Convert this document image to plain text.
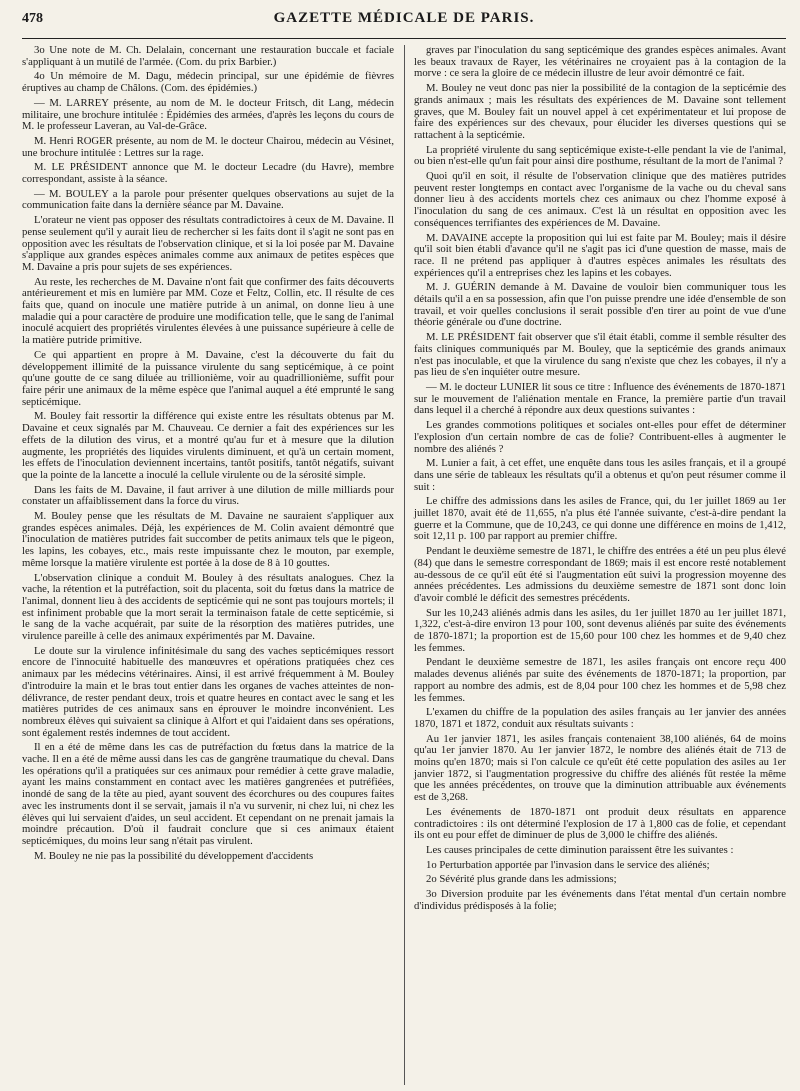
478	GAZETTE MÉDICALE DE PARIS.

3o Une note de M. Ch. Delalain, concernant une restauration buccale et faciale s'appliquant à un mutilé de l'armée. (Com. du prix Barbier.)

4o Un mémoire de M. Dagu, médecin principal, sur une épidémie de fièvres éruptives au champ de Châlons. (Com. des épidémies.)

— M. LARREY présente, au nom de M. le docteur Fritsch, dit Lang, médecin militaire, une brochure intitulée : Épidémies des armées, d'après les leçons du cours de M. le professeur Laveran, au Val-de-Grâce.

M. Henri ROGER présente, au nom de M. le docteur Chairou, médecin au Vésinet, une brochure intitulée : Lettres sur la rage.

M. LE PRÉSIDENT annonce que M. le docteur Lecadre (du Havre), membre correspondant, assiste à la séance.

— M. BOULEY a la parole pour présenter quelques observations au sujet de la communication faite dans la dernière séance par M. Davaine.

L'orateur ne vient pas opposer des résultats contradictoires à ceux de M. Davaine. Il pense seulement qu'il y aurait lieu de rechercher si les faits dont il s'agit ne sont pas en opposition avec les résultats de l'observation clinique, et si la loi posée par M. Davaine s'applique aux grandes espèces animales comme aux animaux de petites espèces que M. Davaine a pris pour sujets de ses expériences.

Au reste, les recherches de M. Davaine n'ont fait que confirmer des faits découverts antérieurement et mis en lumière par MM. Coze et Feltz, Collin, etc. Il résulte de ces faits que, quand on inocule une matière putride à un animal, on donne lieu à une maladie qui a pour caractère de produire une modification telle, que le sang de l'animal inoculé acquiert des propriétés virulentes élevées à une puissance supérieure à celle de la matière putride primitive.

Ce qui appartient en propre à M. Davaine, c'est la découverte du fait du développement illimité de la puissance virulente du sang septicémique, à ce point qu'une goutte de ce sang diluée au trillionième, voir au quadrillionième, suffit pour faire périr une animaux de la même espèce que l'animal auquel a été emprunté le sang septicémique.

M. Bouley fait ressortir la différence qui existe entre les résultats obtenus par M. Davaine et ceux signalés par M. Chauveau. Ce dernier a fait des expériences sur les effets de la dilution des virus, et a montré qu'au fur et à mesure que la dilution augmente, les propriétés des liquides virulents diminuent, et qu'à un certain moment, les effets de l'inoculation deviennent incertains, tantôt positifs, tantôt négatifs, suivant que la pointe de la lancette a inoculé la cellule virulente ou de la sérosité simple.

Dans les faits de M. Davaine, il faut arriver à une dilution de mille milliards pour constater un affaiblissement dans la force du virus.

M. Bouley pense que les résultats de M. Davaine ne sauraient s'appliquer aux grandes espèces animales. Déjà, les expériences de M. Colin avaient démontré que l'inoculation de matières putrides fait succomber de petits animaux tels que le pigeon, les lapins, les cobayes, etc., mais reste impuissante chez le mouton, par exemple, même lorsque la matière virulente est portée à la dose de 8 à 10 gouttes.

L'observation clinique a conduit M. Bouley à des résultats analogues. Chez la vache, la rétention et la putréfaction, soit du placenta, soit du fœtus dans la matrice de l'animal, donnent lieu à des accidents de septicémie qui ne sont pas toujours mortels; il est infiniment probable que la mort serait la terminaison fatale de cette septicémie, si le sang de la vache acquérait, par suite de la résorption des matières putrides, une virulence pareille à celle des animaux expérimentés par M. Davaine.

Le doute sur la virulence infinitésimale du sang des vaches septicémiques ressort encore de l'innocuité habituelle des manœuvres et opérations pratiquées chez ces animaux par les médecins vétérinaires. Ainsi, il est arrivé fréquemment à M. Bouley d'introduire la main et le bras tout entier dans les organes de vaches atteintes de non-délivrance, de rester pendant deux, trois et quatre heures en contact avec le sang et les matières putrides de ces animaux sans en éprouver le moindre inconvénient. Les nombreux élèves qui suivaient sa clinique à Alfort et qui l'aidaient dans ses opérations, sont également restés indemnes de tout accident.

Il en a été de même dans les cas de putréfaction du fœtus dans la matrice de la vache. Il en a été de même aussi dans les cas de gangrène traumatique du cheval. Dans les opérations qu'il a pratiquées sur ces animaux pour remédier à cette grave maladie, ayant les mains constamment en contact avec les matières gangrenées et putréfiées, inondé de sang de la tête au pied, ayant souvent des écorchures ou des coupures faites avec les instruments dont il se servait, jamais il n'a vu survenir, ni chez lui, ni chez les élèves qui lui servaient d'aides, un seul accident. Et cependant on ne prenait jamais la moindre précaution. D'où il faudrait conclure que si ces animaux étaient septicémiques, du moins leur sang n'était pas virulent.

M. Bouley ne nie pas la possibilité du développement d'accidents

graves par l'inoculation du sang septicémique des grandes espèces animales. Avant les beaux travaux de Rayer, les vétérinaires ne croyaient pas à la contagion de la morve : ce sera la gloire de ce médecin illustre de leur avoir démontré ce fait.

M. Bouley ne veut donc pas nier la possibilité de la contagion de la septicémie des grands animaux ; mais les résultats des expériences de M. Davaine sont tellement graves, que M. Bouley fait un nouvel appel à cet expérimentateur et lui propose de faire des expériences sur des chevaux, pour élucider les diverses questions qui se rattachent à la septicémie.

La propriété virulente du sang septicémique existe-t-elle pendant la vie de l'animal, ou bien n'est-elle qu'un fait pour ainsi dire posthume, résultant de la mort de l'animal ?

Quoi qu'il en soit, il résulte de l'observation clinique que des matières putrides peuvent rester longtemps en contact avec l'organisme de la vache ou du cheval sans donner lieu à des accidents mortels chez ces animaux ou chez l'homme exposé à l'inoculation du sang de ces animaux. C'est là un résultat en opposition avec les conséquences terrifiantes des expériences de M. Davaine.

M. DAVAINE accepte la proposition qui lui est faite par M. Bouley; mais il désire qu'il soit bien établi d'avance qu'il ne s'agit pas ici d'une question de masse, mais de race. Il ne prétend pas appliquer à d'autres espèces animales les résultats des expériences qu'il a entreprises chez les lapins et les cobayes.

M. J. GUÉRIN demande à M. Davaine de vouloir bien communiquer tous les détails qu'il a en sa possession, afin que l'on puisse prendre une idée d'ensemble de son travail, et voir quelles conclusions il serait possible d'en tirer au point de vue d'une théorie générale ou d'une doctrine.

M. LE PRÉSIDENT fait observer que s'il était établi, comme il semble résulter des faits cliniques communiqués par M. Bouley, que la septicémie des grands animaux n'est pas inoculable, et que la virulence du sang n'existe que chez les cobayes, il n'y a pas lieu de s'en inquiéter outre mesure.

— M. le docteur LUNIER lit sous ce titre : Influence des événements de 1870-1871 sur le mouvement de l'aliénation mentale en France, la première partie d'un travail dans lequel il a cherché à répondre aux deux questions suivantes :

Les grandes commotions politiques et sociales ont-elles pour effet de déterminer l'explosion d'un certain nombre de cas de folie? Contribuent-elles à augmenter le nombre des aliénés ?

M. Lunier a fait, à cet effet, une enquête dans tous les asiles français, et il a groupé dans une série de tableaux les résultats qu'il a obtenus et qu'on peut résumer comme il suit :

Le chiffre des admissions dans les asiles de France, qui, du 1er juillet 1869 au 1er juillet 1870, avait été de 11,655, n'a plus été l'année suivante, c'est-à-dire pendant la guerre et la Commune, que de 10,243, ce qui donne une différence en moins de 1,412, soit 12,11 p. 100 par rapport au premier chiffre.

Pendant le deuxième semestre de 1871, le chiffre des entrées a été un peu plus élevé (84) que dans le semestre correspondant de 1869; mais il est encore resté notablement au-dessous de ce qu'il eût été si l'augmentation eût suivi la progression moyenne des années précédentes. Les admissions du deuxième semestre de 1871 sont donc loin d'avoir comblé le déficit des semestres précédents.

Sur les 10,243 aliénés admis dans les asiles, du 1er juillet 1870 au 1er juillet 1871, 1,322, c'est-à-dire environ 13 pour 100, sont devenus aliénés par suite des événements de 1870-1871; la proportion est de 15,60 pour 100 chez les hommes et de 9,40 chez les femmes.

Pendant le deuxième semestre de 1871, les asiles français ont encore reçu 400 malades devenus aliénés par suite des événements de 1870-1871; la proportion, par rapport au nombre des admis, est de 8,04 pour 100 chez les hommes et de 5,98 chez les femmes.

L'examen du chiffre de la population des asiles français au 1er janvier des années 1870, 1871 et 1872, conduit aux résultats suivants :

Au 1er janvier 1871, les asiles français contenaient 38,100 aliénés, 64 de moins qu'au 1er janvier 1870. Au 1er janvier 1872, le nombre des aliénés était de 713 de moins qu'en 1870; mais si l'on calcule ce qu'eût été cette population des asiles au 1er janvier 1872, si l'augmentation progressive du chiffre des aliénés fût restée la même que les années précédentes, on trouve que la diminution attribuable aux événements est de 3,268.

Les événements de 1870-1871 ont produit deux résultats en apparence contradictoires : ils ont déterminé l'explosion de 17 à 1,800 cas de folie, et cependant ils ont eu pour effet de diminuer de plus de 3,000 le chiffre des aliénés.

Les causes principales de cette diminution paraissent être les suivantes :

1o Perturbation apportée par l'invasion dans le service des aliénés;

2o Sévérité plus grande dans les admissions;

3o Diversion produite par les événements dans l'état mental d'un certain nombre d'individus prédisposés à la folie;
